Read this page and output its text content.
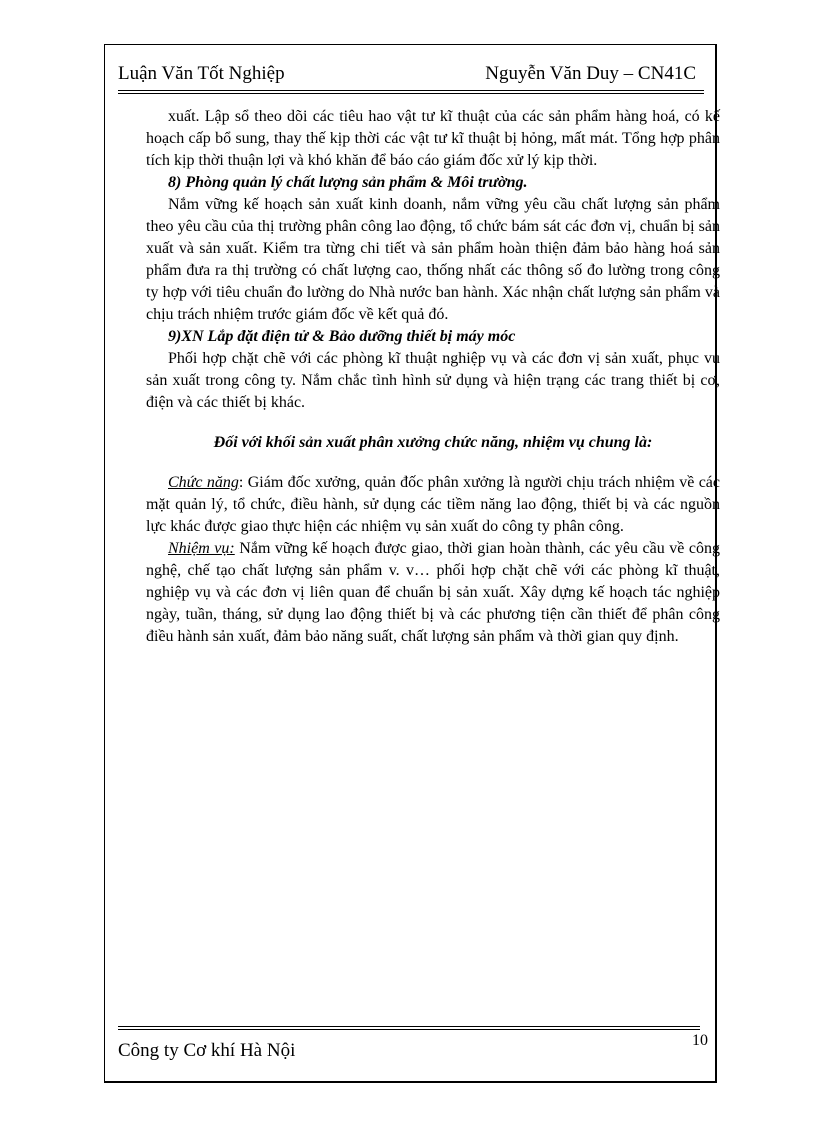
Luận Văn Tốt Nghiệp	Nguyễn Văn Duy – CN41C

xuất. Lập sổ theo dõi các tiêu hao vật tư kĩ thuật của các sản phẩm hàng hoá, có kế hoạch cấp bổ sung, thay thế kịp thời các vật tư kĩ thuật bị hỏng, mất mát. Tổng hợp phân tích kịp thời thuận lợi và khó khăn để báo cáo giám đốc xử lý kịp thời.

8) Phòng quản lý chất lượng sản phẩm & Môi trường.

Nắm vững kế hoạch sản xuất kinh doanh, nắm vững yêu cầu chất lượng sản phẩm theo yêu cầu của thị trường phân công lao động, tổ chức bám sát các đơn vị, chuẩn bị sản xuất và sản xuất. Kiểm tra từng chi tiết và sản phẩm hoàn thiện đảm bảo hàng hoá sản phẩm đưa ra thị trường có chất lượng cao, thống nhất các thông số đo lường trong công ty hợp với tiêu chuẩn đo lường do Nhà nước ban hành. Xác nhận chất lượng sản phẩm và chịu trách nhiệm trước giám đốc về kết quả đó.

9)XN Lắp đặt điện tử & Bảo dưỡng thiết bị máy móc

Phối hợp chặt chẽ với các phòng kĩ thuật nghiệp vụ và các đơn vị sản xuất, phục vụ sản xuất trong công ty. Nắm chắc tình hình sử dụng và hiện trạng các trang thiết bị cơ, điện và các thiết bị khác.

Đối với khối sản xuất phân xưởng chức năng, nhiệm vụ chung là:

Chức năng: Giám đốc xưởng, quản đốc phân xưởng là người chịu trách nhiệm về các mặt quản lý, tổ chức, điều hành, sử dụng các tiềm năng lao động, thiết bị và các nguồn lực khác được giao thực hiện các nhiệm vụ sản xuất do công ty phân công.

Nhiệm vụ: Nắm vững kế hoạch được giao, thời gian hoàn thành, các yêu cầu về công nghệ, chế tạo chất lượng sản phẩm v. v… phối hợp chặt chẽ với các phòng kĩ thuật, nghiệp vụ và các đơn vị liên quan để chuẩn bị sản xuất. Xây dựng kế hoạch tác nghiệp ngày, tuần, tháng, sử dụng lao động thiết bị và các phương tiện cần thiết để phân công điều hành sản xuất, đảm bảo năng suất, chất lượng sản phẩm và thời gian quy định.

Công ty Cơ khí Hà Nội	10
